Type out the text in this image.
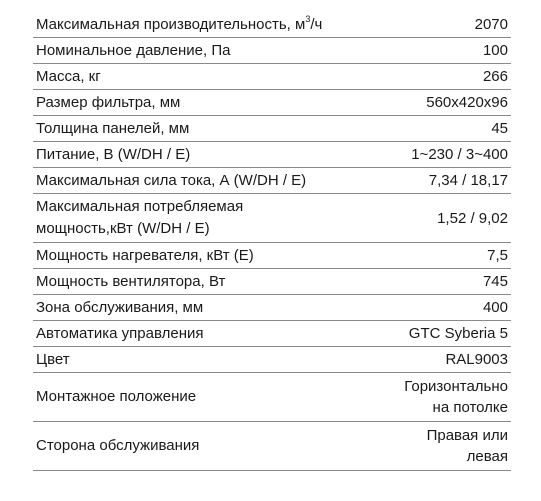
Максимальная производительность, $м^3/ч$	2070
Номинальное давление, Па	100
Масса, кг	266
Размер фильтра, мм	560x420x96
Толщина панелей, мм	45
Питание, В (W/DH / E)	1~230 / 3~400
Максимальная сила тока, А (W/DH / E)	7,34 / 18,17
Максимальная потребляемая
мощность,кВт (W/DH / E)	1,52 / 9,02
Мощность нагревателя, кВт (E)	7,5
Мощность вентилятора, Вт	745
Зона обслуживания, мм	400
Автоматика управления	GTC Syberia 5
Цвет	RAL9003
Монтажное положение	Горизонтально
на потолке
Сторона обслуживания	Правая или
левая
